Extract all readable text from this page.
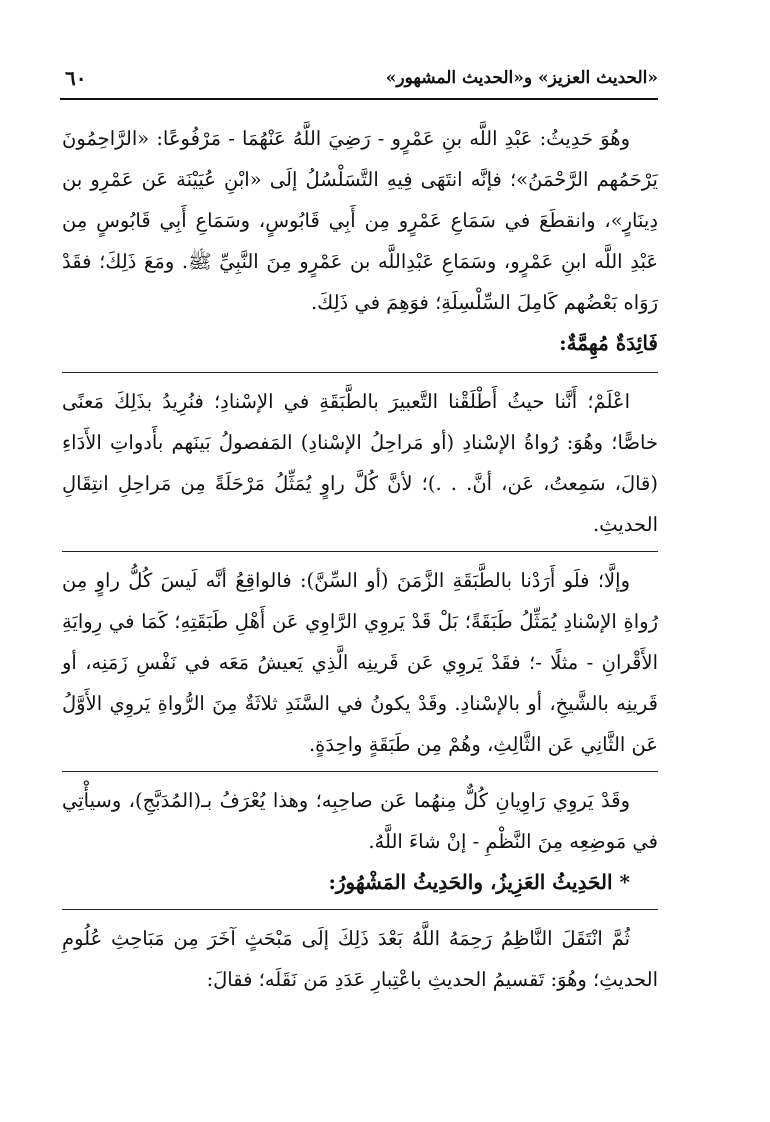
٦٠	«الحديث العزيز» و«الحديث المشهور»

وهُوَ حَدِيثُ: عَبْدِ اللَّه بنِ عَمْرٍو - رَضِيَ اللَّهُ عَنْهُمَا - مَرْفُوعًا: «الرَّاحِمُونَ يَرْحَمُهم الرَّحْمَنُ»؛ فإنَّه انتَهَى فِيهِ التَّسَلْسُلُ إلَى «ابْنِ عُيَيْنَة عَن عَمْرِو بن دِينَارٍ»، وانقطَعَ في سَمَاعِ عَمْرٍو مِن أَبِي قَابُوسٍ، وسَمَاعِ أَبِي قَابُوسٍ مِن عَبْدِ اللَّه ابنِ عَمْرٍو، وسَمَاعِ عَبْدِاللَّه بن عَمْرٍو مِنَ النَّبِيِّ ﷺ. ومَعَ ذَلِكَ؛ فقَدْ رَوَاه بَعْضُهم كَامِلَ السِّلْسِلَةِ؛ فوَهِمَ في ذَلِكَ.

فَائِدَةٌ مُهِمَّةٌ:

اعْلَمْ؛ أَنَّنا حيثُ أَطْلَقْنا التَّعبيرَ بالطَّبَقَةِ في الإسْنادِ؛ فنُرِيدُ بذَلِكَ مَعنًى خاصًّا؛ وهُوَ: رُواةُ الإسْنادِ (أو مَراحِلُ الإسْنادِ) المَفصولُ بَينَهم بأَدواتِ الأَدَاءِ (قالَ، سَمِعتُ، عَن، أنَّ. . .)؛ لأنَّ كُلَّ راوٍ يُمَثِّلُ مَرْحَلَةً مِن مَراحِلِ انتِقَالِ الحديثِ.

وإلَّا؛ فلَو أَرَدْنا بالطَّبَقَةِ الزَّمَنَ (أو السِّنَّ): فالواقِعُ أنَّه لَيسَ كُلُّ راوٍ مِن رُواةِ الإسْنادِ يُمَثِّلُ طَبَقَةً؛ بَلْ قَدْ يَروِي الرَّاوِي عَن أَهْلِ طَبَقَتِهِ؛ كَمَا في رِوايَةِ الأَقْرانِ - مثلًا -؛ فقَدْ يَروِي عَن قَرينِه الَّذِي يَعيشُ مَعَه في نَفْسِ زَمَنِه، أو قَرينِه بالشَّيخِ، أو بالإسْنادِ. وقَدْ يكونُ في السَّنَدِ ثلاثَةٌ مِنَ الرُّواةِ يَروِي الأَوَّلُ عَن الثَّانِي عَن الثَّالِثِ، وهُمْ مِن طَبَقَةٍ واحِدَةٍ.

وقَدْ يَروِي رَاوِيانِ كُلٌّ مِنهُما عَن صاحِبِه؛ وهذا يُعْرَفُ بـ(المُدَبَّجِ)، وسيأْتِي في مَوضِعِه مِنَ النَّظْمِ - إنْ شاءَ اللَّهُ.

* الحَدِيثُ العَزِيزُ، والحَدِيثُ المَشْهُورُ:

ثُمَّ انْتَقَلَ النَّاظِمُ رَحِمَهُ اللَّهُ بَعْدَ ذَلِكَ إلَى مَبْحَثٍ آخَرَ مِن مَبَاحِثِ عُلُومِ الحديثِ؛ وهُوَ: تَقسيمُ الحديثِ باعْتِبارِ عَدَدِ مَن نَقَلَه؛ فقالَ:
